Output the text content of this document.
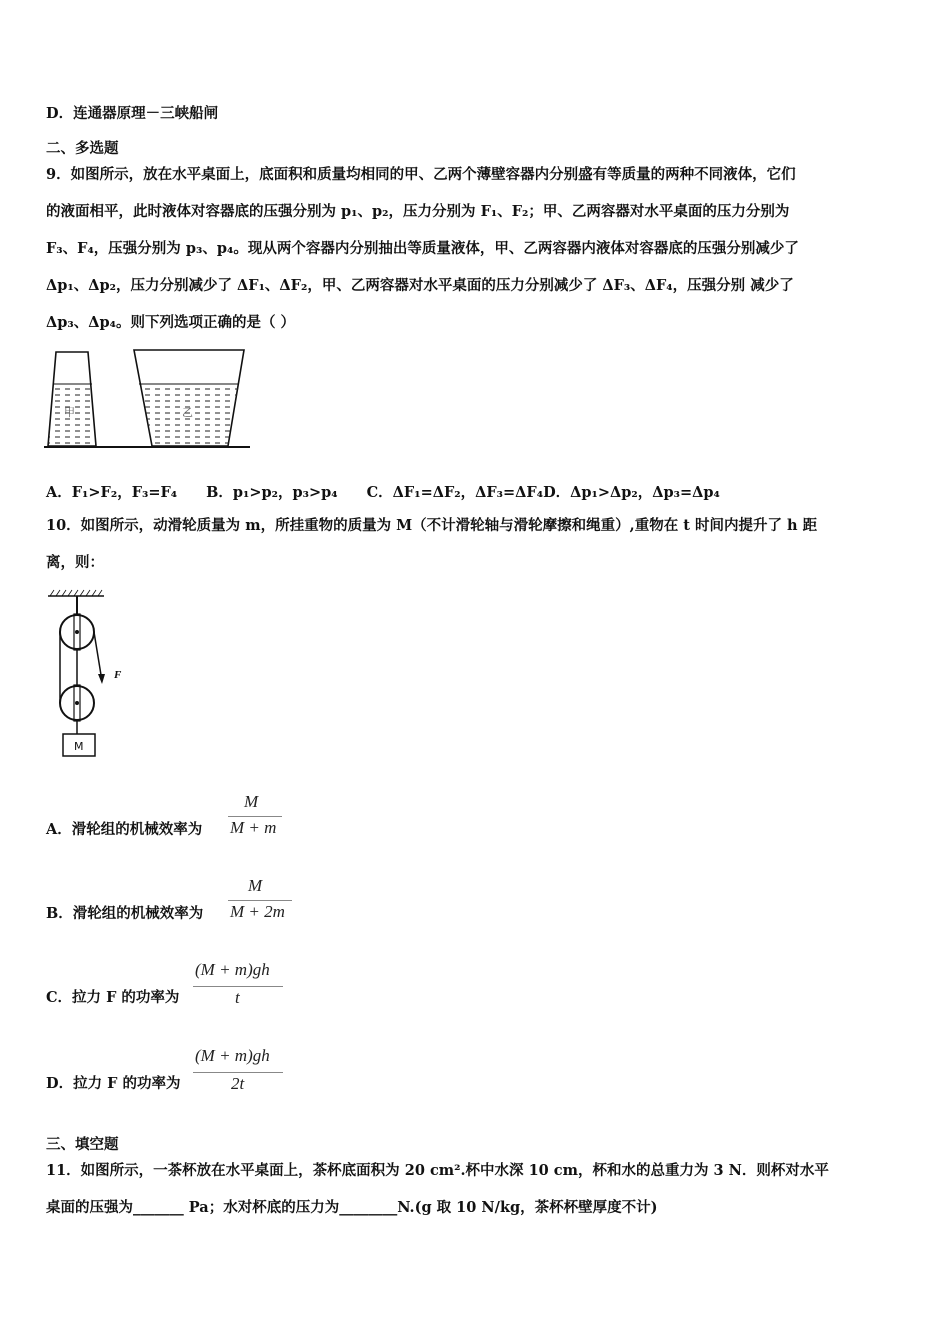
D．连通器原理－三峡船闸
二、多选题
9．如图所示，放在水平桌面上，底面积和质量均相同的甲、乙两个薄壁容器内分别盛有等质量的两种不同液体，它们
的液面相平，此时液体对容器底的压强分别为 p₁、p₂，压力分别为 F₁、F₂；甲、乙两容器对水平桌面的压力分别为
F₃、F₄，压强分别为 p₃、p₄。现从两个容器内分别抽出等质量液体，甲、乙两容器内液体对容器底的压强分别减少了
Δp₁、Δp₂，压力分别减少了 ΔF₁、ΔF₂，甲、乙两容器对水平桌面的压力分别减少了 ΔF₃、ΔF₄，压强分别 减少了
Δp₃、Δp₄。则下列选项正确的是（ ）
甲	乙
A．F₁>F₂，F₃=F₄　　B．p₁>p₂，p₃>p₄　　C．ΔF₁=ΔF₂，ΔF₃=ΔF₄D．Δp₁>Δp₂，Δp₃=Δp₄
10．如图所示，动滑轮质量为 m，所挂重物的质量为 M（不计滑轮轴与滑轮摩擦和绳重）,重物在 t 时间内提升了 h 距
离，则：
F
M
A．滑轮组的机械效率为
M
M + m
B．滑轮组的机械效率为
M
M + 2m
C．拉力 F 的功率为
(M + m)gh
t
D．拉力 F 的功率为
(M + m)gh
2t
三、填空题
11．如图所示，一茶杯放在水平桌面上，茶杯底面积为 20 cm².杯中水深 10 cm，杯和水的总重力为 3 N．则杯对水平
桌面的压强为_______ Pa；水对杯底的压力为________N.(g 取 10 N/kg，茶杯杯壁厚度不计)
